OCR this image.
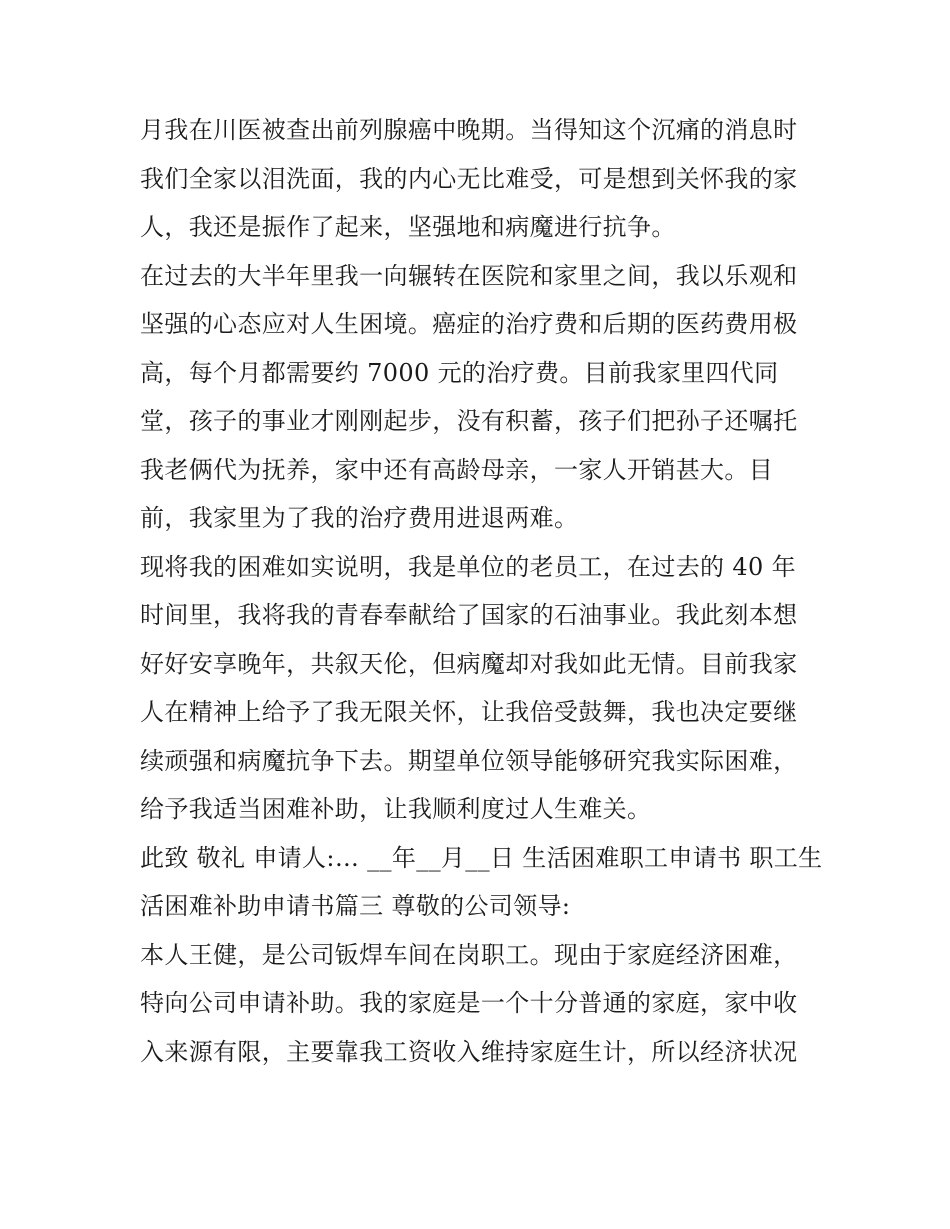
月我在川医被查出前列腺癌中晚期。当得知这个沉痛的消息时
我们全家以泪洗面，我的内心无比难受，可是想到关怀我的家
人，我还是振作了起来，坚强地和病魔进行抗争。
在过去的大半年里我一向辗转在医院和家里之间，我以乐观和
坚强的心态应对人生困境。癌症的治疗费和后期的医药费用极
高，每个月都需要约 7000 元的治疗费。目前我家里四代同
堂，孩子的事业才刚刚起步，没有积蓄，孩子们把孙子还嘱托
我老俩代为抚养，家中还有高龄母亲，一家人开销甚大。目
前，我家里为了我的治疗费用进退两难。
现将我的困难如实说明，我是单位的老员工，在过去的 40 年
时间里，我将我的青春奉献给了国家的石油事业。我此刻本想
好好安享晚年，共叙天伦，但病魔却对我如此无情。目前我家
人在精神上给予了我无限关怀，让我倍受鼓舞，我也决定要继
续顽强和病魔抗争下去。期望单位领导能够研究我实际困难，
给予我适当困难补助，让我顺利度过人生难关。
此致 敬礼 申请人:… __年__月__日 生活困难职工申请书 职工生
活困难补助申请书篇三 尊敬的公司领导:
本人王健，是公司钣焊车间在岗职工。现由于家庭经济困难，
特向公司申请补助。我的家庭是一个十分普通的家庭，家中收
入来源有限，主要靠我工资收入维持家庭生计，所以经济状况
